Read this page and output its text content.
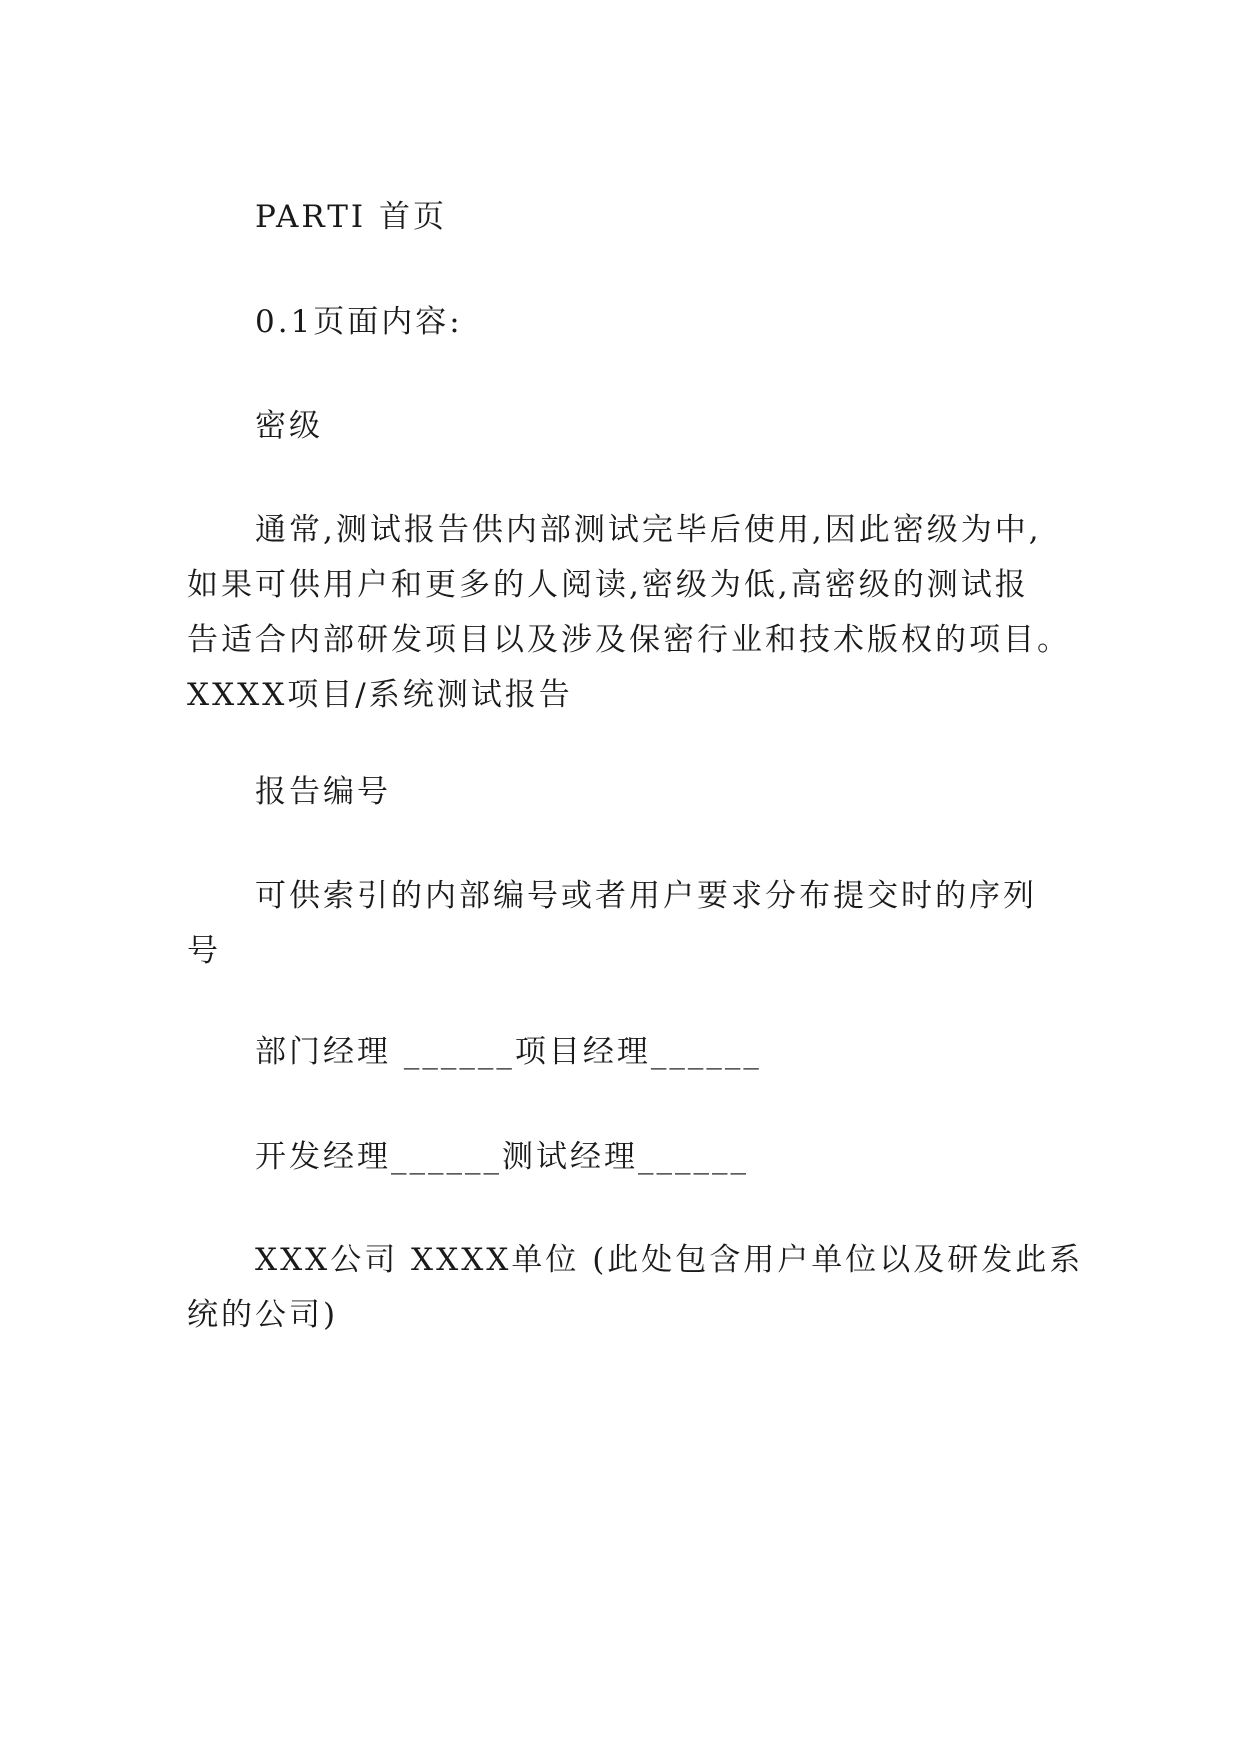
PARTⅠ 首页

0.1页面内容:

密级

通常,测试报告供内部测试完毕后使用,因此密级为中,
如果可供用户和更多的人阅读,密级为低,高密级的测试报
告适合内部研发项目以及涉及保密行业和技术版权的项目。
XXXX项目/系统测试报告

报告编号

可供索引的内部编号或者用户要求分布提交时的序列
号

部门经理 ______项目经理______

开发经理______测试经理______

XXX公司 XXXX单位 (此处包含用户单位以及研发此系
统的公司)
